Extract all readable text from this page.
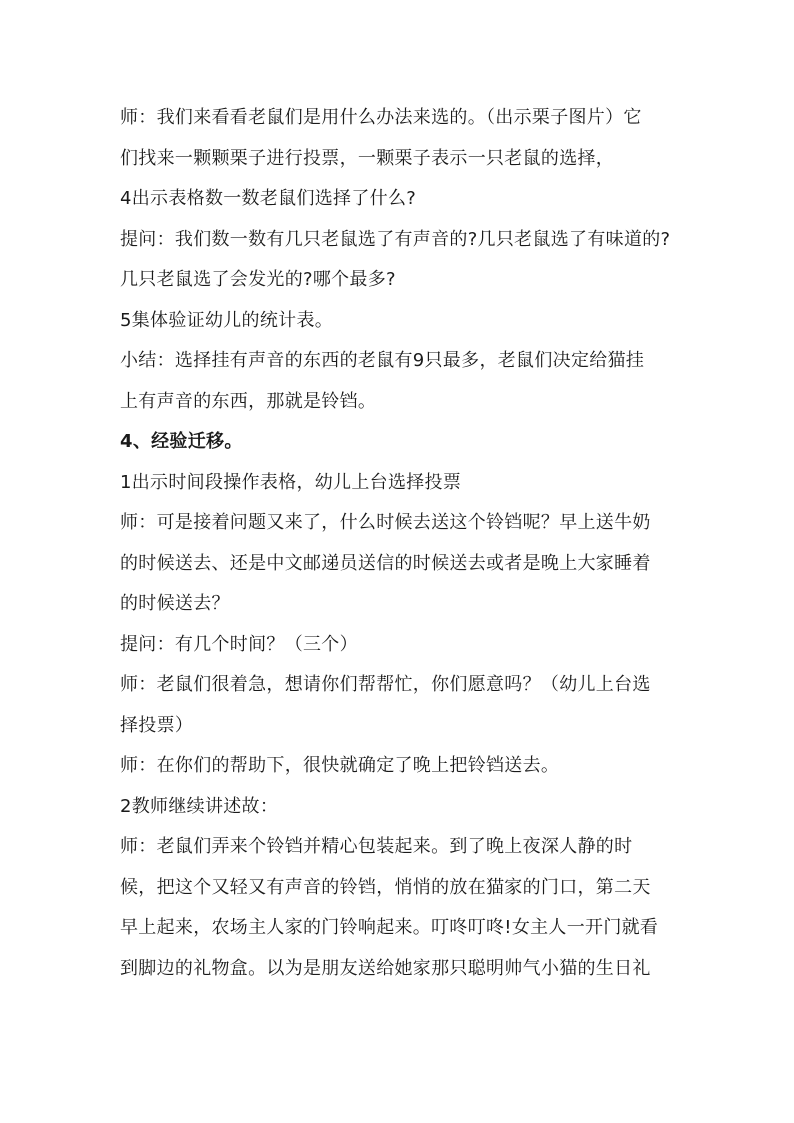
师：我们来看看老鼠们是用什么办法来选的。（出示栗子图片）它
们找来一颗颗栗子进行投票，一颗栗子表示一只老鼠的选择，
4出示表格数一数老鼠们选择了什么?
提问：我们数一数有几只老鼠选了有声音的?几只老鼠选了有味道的?
几只老鼠选了会发光的?哪个最多?
5集体验证幼儿的统计表。
小结：选择挂有声音的东西的老鼠有9只最多，老鼠们决定给猫挂
上有声音的东西，那就是铃铛。
4、经验迁移。
1出示时间段操作表格，幼儿上台选择投票
师：可是接着问题又来了，什么时候去送这个铃铛呢？早上送牛奶
的时候送去、还是中文邮递员送信的时候送去或者是晚上大家睡着
的时候送去？
提问：有几个时间？（三个）
师：老鼠们很着急，想请你们帮帮忙，你们愿意吗？（幼儿上台选
择投票）
师：在你们的帮助下，很快就确定了晚上把铃铛送去。
2教师继续讲述故：
师：老鼠们弄来个铃铛并精心包装起来。到了晚上夜深人静的时
候，把这个又轻又有声音的铃铛，悄悄的放在猫家的门口，第二天
早上起来，农场主人家的门铃响起来。叮咚叮咚!女主人一开门就看
到脚边的礼物盒。以为是朋友送给她家那只聪明帅气小猫的生日礼
